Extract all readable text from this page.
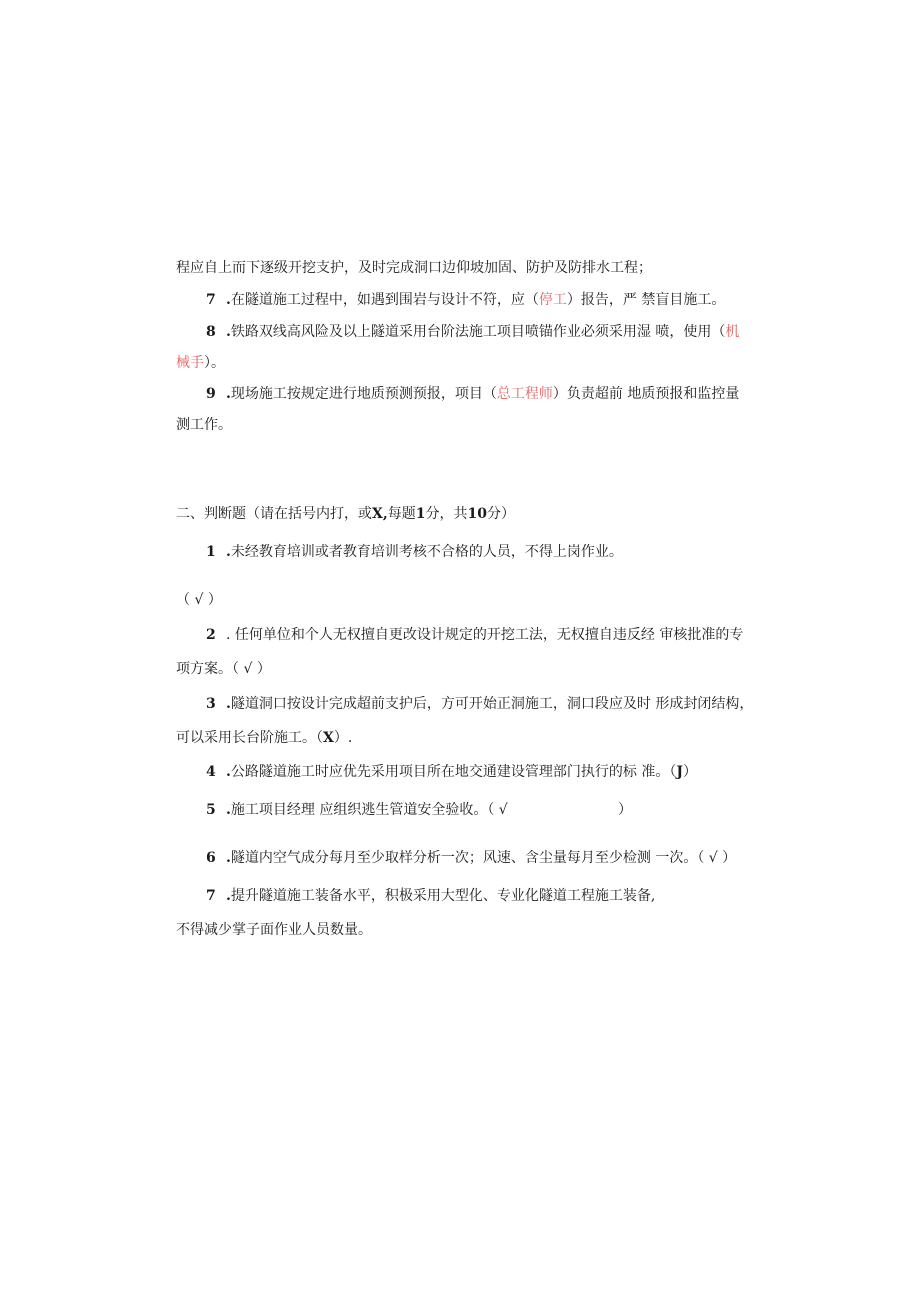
程应自上而下逐级开挖支护，及时完成洞口边仰坡加固、防护及防排水工程；
7 .在隧道施工过程中，如遇到围岩与设计不符，应（停工）报告，严 禁盲目施工。
8 .铁路双线高风险及以上隧道采用台阶法施工项目喷锚作业必须采用湿 喷，使用（机
械手）。
9 .现场施工按规定进行地质预测预报，项目（总工程师）负责超前 地质预报和监控量
测工作。
二、判断题（请在括号内打，或X,每题1分，共10分）
1 .未经教育培训或者教育培训考核不合格的人员，不得上岗作业。
（ √ ）
2 . 任何单位和个人无权擅自更改设计规定的开挖工法，无权擅自违反经 审核批准的专
项方案。（ √ ）
3 .隧道洞口按设计完成超前支护后，方可开始正洞施工，洞口段应及时 形成封闭结构，
可以采用长台阶施工。（X）.
4 .公路隧道施工时应优先采用项目所在地交通建设管理部门执行的标 准。（J）
5 .施工项目经理 应组织逃生管道安全验收。（ √	）
6 .隧道内空气成分每月至少取样分析一次；风速、含尘量每月至少检测 一次。（ √ ）
7 .提升隧道施工装备水平，积极采用大型化、专业化隧道工程施工装备,
不得减少掌子面作业人员数量。
